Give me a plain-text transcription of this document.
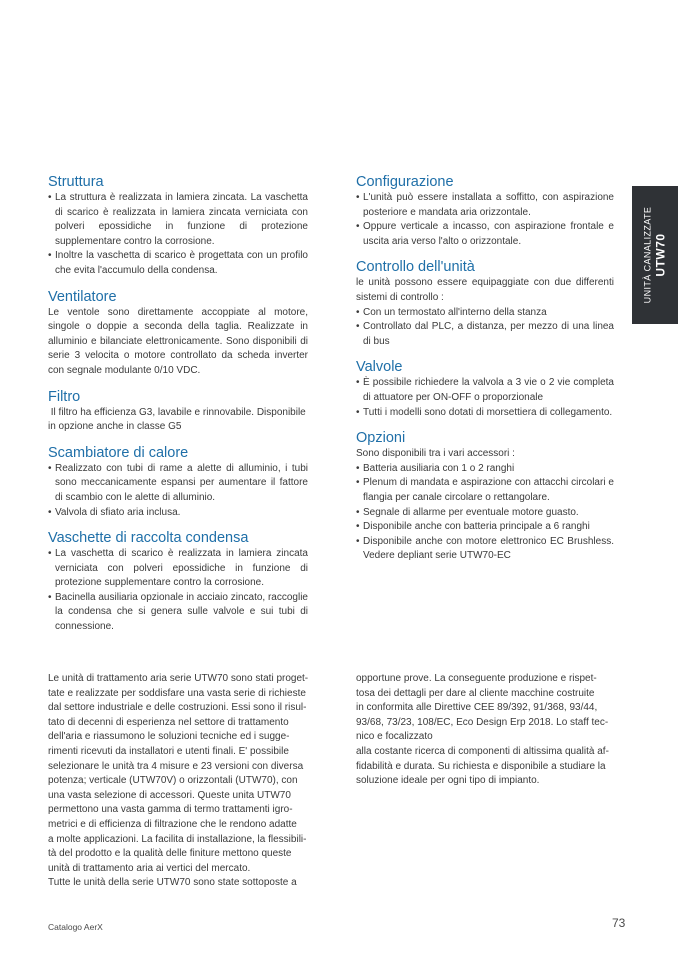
Struttura
• La struttura è realizzata in lamiera zincata. La vaschetta di scarico è realizzata in lamiera zincata verniciata con polveri epossidiche in funzione di protezione supplementare contro la corrosione.
• Inoltre la vaschetta di scarico è progettata con un profilo che evita l'accumulo della condensa.
Ventilatore

Le ventole sono direttamente accoppiate al motore, singole o doppie a seconda della taglia. Realizzate in alluminio e bilanciate elettronicamente. Sono disponibili di serie 3 velocita o motore controllato da scheda inverter con segnale modulante 0/10 VDC.

Filtro

Il filtro ha efficienza G3, lavabile e rinnovabile. Disponibile in opzione anche in classe G5

Scambiatore di calore
• Realizzato con tubi di rame a alette di alluminio, i tubi sono meccanicamente espansi per aumentare il fattore di scambio con le alette di alluminio.
• Valvola di sfiato aria inclusa.
Vaschette di raccolta condensa
• La vaschetta di scarico è realizzata in lamiera zincata verniciata con polveri epossidiche in funzione di protezione supplementare contro la corrosione.
• Bacinella ausiliaria opzionale in acciaio zincato, raccoglie la condensa che si genera sulle valvole e sui tubi di connessione.
Configurazione
• L'unità può essere installata a soffitto, con aspirazione posteriore e mandata aria orizzontale.
• Oppure verticale a incasso, con aspirazione frontale e uscita aria verso l'alto o orizzontale.
Controllo dell'unità

le unità possono essere equipaggiate con due differenti sistemi di controllo :

• Con un termostato all'interno della stanza
• Controllato dal PLC, a distanza, per mezzo di una linea di bus
Valvole
• È possibile richiedere la valvola a 3 vie o 2 vie completa di attuatore per ON-OFF o proporzionale
• Tutti i modelli sono dotati di morsettiera di collegamento.
Opzioni

Sono disponibili tra i vari accessori :

• Batteria ausiliaria con 1 o 2 ranghi
• Plenum di mandata e aspirazione con attacchi circolari e flangia per canale circolare o rettangolare.
• Segnale di allarme per eventuale motore guasto.
• Disponibile anche con batteria principale a 6 ranghi
• Disponibile anche con motore elettronico EC Brushless. Vedere depliant serie UTW70-EC
UNITÀ CANALIZZATE UTW70
Le unità di trattamento aria serie UTW70 sono stati proget-
tate e realizzate per soddisfare una vasta serie di richieste
dal settore industriale e delle costruzioni. Essi sono il risul-
tato di decenni di esperienza nel settore di trattamento
dell'aria e riassumono le soluzioni tecniche ed i sugge-
rimenti ricevuti da installatori e utenti finali. E' possibile
selezionare le unità tra 4 misure e 23 versioni con diversa
potenza; verticale (UTW70V) o orizzontali (UTW70), con
una vasta selezione di accessori. Queste unita UTW70
permettono una vasta gamma di termo trattamenti igro-
metrici e di efficienza di filtrazione che le rendono adatte
a molte applicazioni. La facilita di installazione, la flessibili-
tà del prodotto e la qualità delle finiture mettono queste
unità di trattamento aria ai vertici del mercato.
Tutte le unità della serie UTW70 sono state sottoposte a
opportune prove. La conseguente produzione e rispet-
tosa dei dettagli per dare al cliente macchine costruite
in conformita alle Direttive CEE 89/392, 91/368, 93/44,
93/68, 73/23, 108/EC, Eco Design Erp 2018. Lo staff tec-
nico e focalizzato
alla costante ricerca di componenti di altissima qualità af-
fidabilità e durata. Su richiesta e disponibile a studiare la
soluzione ideale per ogni tipo di impianto.
Catalogo AerX	73
